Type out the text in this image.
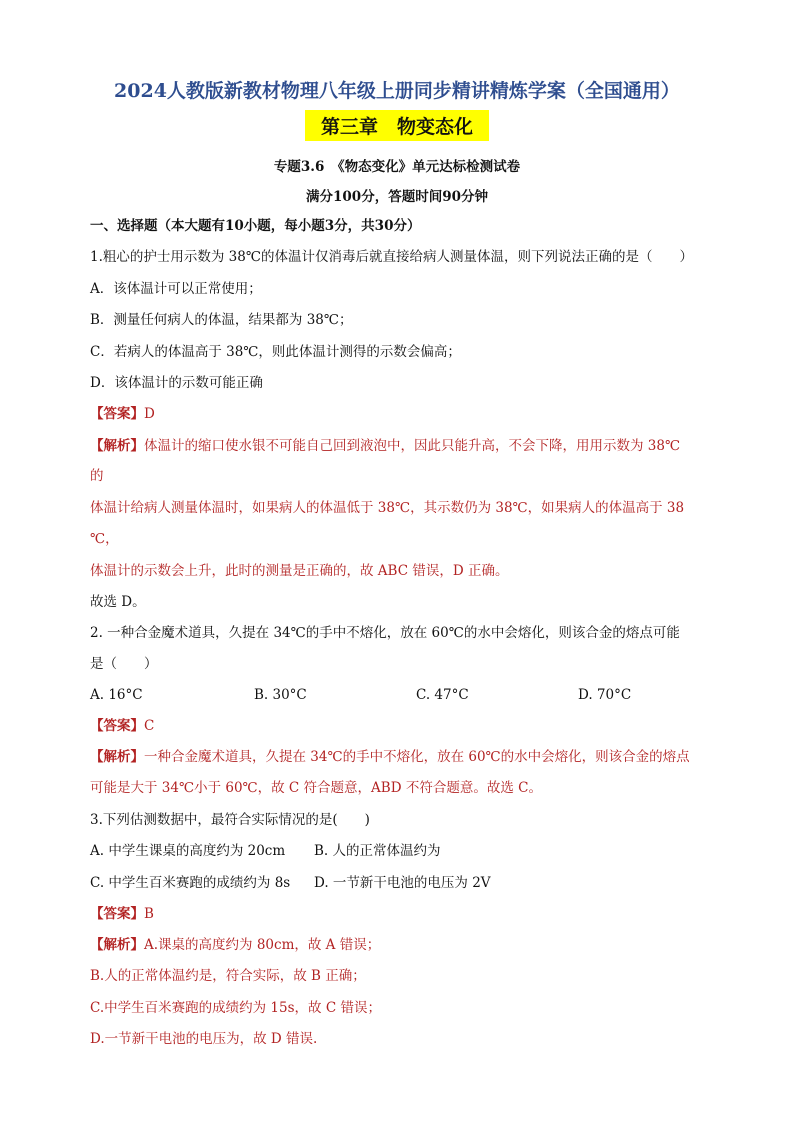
2024人教版新教材物理八年级上册同步精讲精炼学案（全国通用）
第三章　物变态化
专题3.6　《物态变化》单元达标检测试卷
满分100分，答题时间90分钟
一、选择题（本大题有10小题，每小题3分，共30分）
1.粗心的护士用示数为 38℃的体温计仅消毒后就直接给病人测量体温，则下列说法正确的是（　　）
A．该体温计可以正常使用；
B．测量任何病人的体温，结果都为 38℃；
C．若病人的体温高于 38℃，则此体温计测得的示数会偏高；
D．该体温计的示数可能正确
【答案】D
【解析】体温计的缩口使水银不可能自己回到液泡中，因此只能升高，不会下降，用用示数为 38℃
的
体温计给病人测量体温时，如果病人的体温低于 38℃，其示数仍为 38℃，如果病人的体温高于 38
℃，
体温计的示数会上升，此时的测量是正确的，故 ABC 错误，D 正确。
故选 D。
2. 一种合金魔术道具，久提在 34℃的手中不熔化，放在 60℃的水中会熔化，则该合金的熔点可能
是（　　）
A. 16°C	B. 30°C	C. 47°C	D. 70°C
【答案】C
【解析】一种合金魔术道具，久提在 34℃的手中不熔化，放在 60℃的水中会熔化，则该合金的熔点
可能是大于 34℃小于 60℃，故 C 符合题意，ABD 不符合题意。故选 C。
3.下列估测数据中，最符合实际情况的是(　　)
A. 中学生课桌的高度约为 20cm B. 人的正常体温约为
C. 中学生百米赛跑的成绩约为 8s D. 一节新干电池的电压为 2V
【答案】B
【解析】A.课桌的高度约为 80cm，故 A 错误；
B.人的正常体温约是，符合实际，故 B 正确；
C.中学生百米赛跑的成绩约为 15s，故 C 错误；
D.一节新干电池的电压为，故 D 错误.
